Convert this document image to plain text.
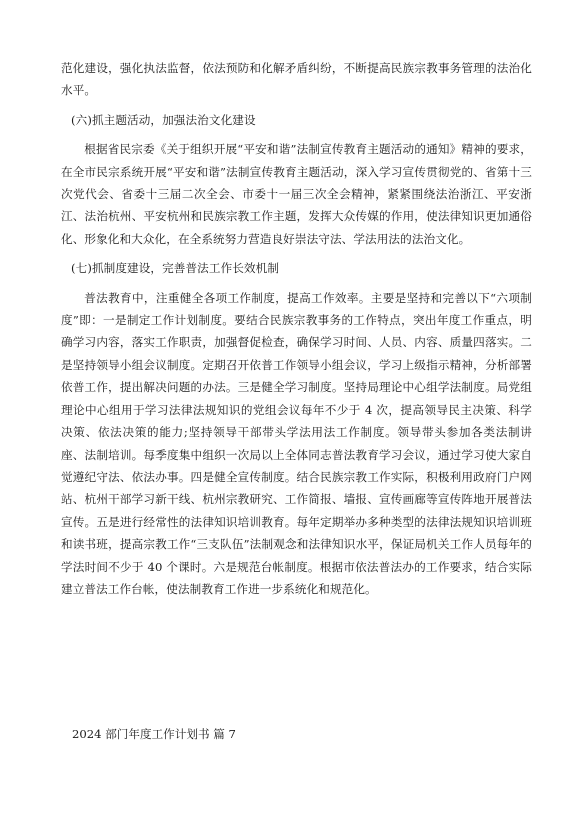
范化建设，强化执法监督，依法预防和化解矛盾纠纷，不断提高民族宗教事务管理的法治化水平。

(六)抓主题活动，加强法治文化建设

根据省民宗委《关于组织开展“平安和谐”法制宣传教育主题活动的通知》精神的要求，在全市民宗系统开展“平安和谐”法制宣传教育主题活动，深入学习宣传贯彻党的、省第十三次党代会、省委十三届二次全会、市委十一届三次全会精神，紧紧围绕法治浙江、平安浙江、法治杭州、平安杭州和民族宗教工作主题，发挥大众传媒的作用，使法律知识更加通俗化、形象化和大众化，在全系统努力营造良好崇法守法、学法用法的法治文化。

(七)抓制度建设，完善普法工作长效机制

普法教育中，注重健全各项工作制度，提高工作效率。主要是坚持和完善以下“六项制度”即：一是制定工作计划制度。要结合民族宗教事务的工作特点，突出年度工作重点，明确学习内容，落实工作职责，加强督促检查，确保学习时间、人员、内容、质量四落实。二是坚持领导小组会议制度。定期召开依普工作领导小组会议，学习上级指示精神，分析部署依普工作，提出解决问题的办法。三是健全学习制度。坚持局理论中心组学法制度。局党组理论中心组用于学习法律法规知识的党组会议每年不少于 4 次，提高领导民主决策、科学决策、依法决策的能力;坚持领导干部带头学法用法工作制度。领导带头参加各类法制讲座、法制培训。每季度集中组织一次局以上全体同志普法教育学习会议，通过学习使大家自觉遵纪守法、依法办事。四是健全宣传制度。结合民族宗教工作实际，积极利用政府门户网站、杭州干部学习新干线、杭州宗教研究、工作简报、墙报、宣传画廊等宣传阵地开展普法宣传。五是进行经常性的法律知识培训教育。每年定期举办多种类型的法律法规知识培训班和读书班，提高宗教工作“三支队伍”法制观念和法律知识水平，保证局机关工作人员每年的学法时间不少于 40 个课时。六是规范台帐制度。根据市依法普法办的工作要求，结合实际建立普法工作台帐，使法制教育工作进一步系统化和规范化。

2024 部门年度工作计划书 篇 7
